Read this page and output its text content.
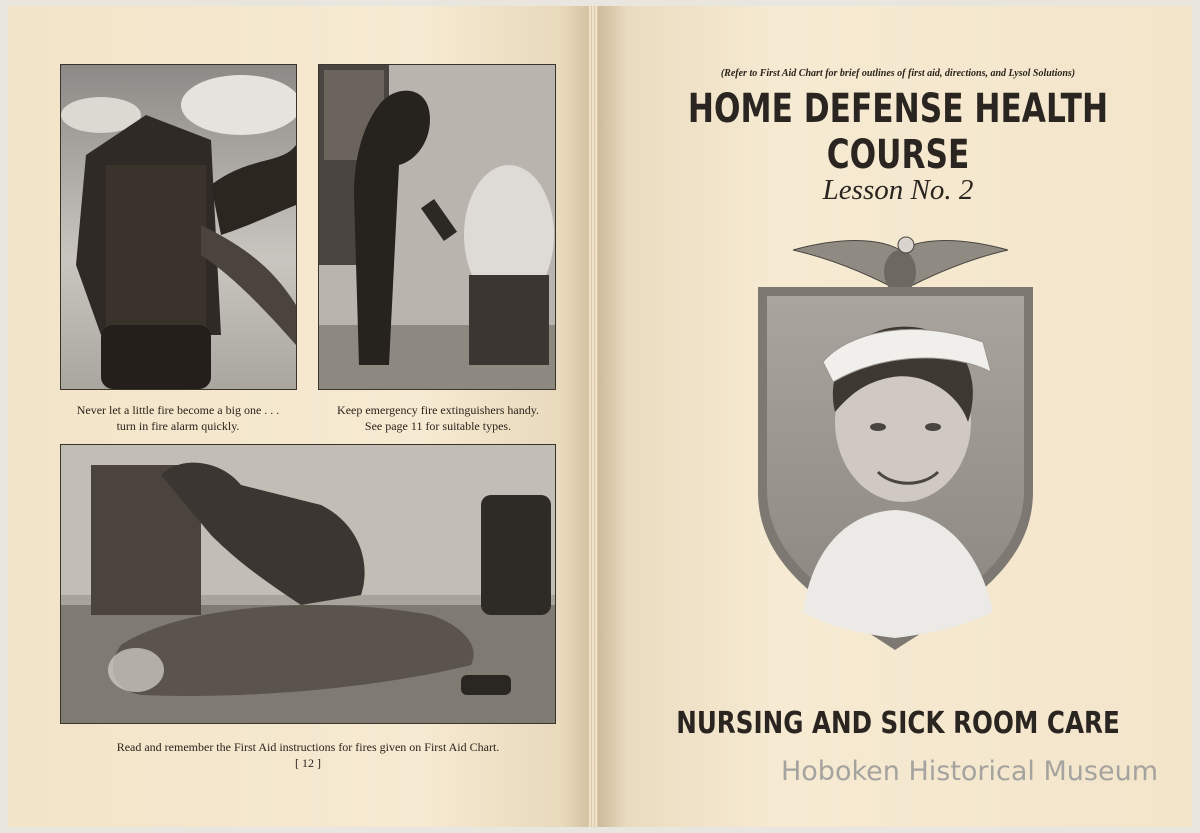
Never let a little fire become a big one . . .
turn in fire alarm quickly.
Keep emergency fire extinguishers handy.
See page 11 for suitable types.
Read and remember the First Aid instructions for fires given on First Aid Chart.
[ 12 ]
(Refer to First Aid Chart for brief outlines of first aid, directions, and Lysol Solutions)
HOME DEFENSE HEALTH COURSE
Lesson No. 2
NURSING AND SICK ROOM CARE
Hoboken Historical Museum
